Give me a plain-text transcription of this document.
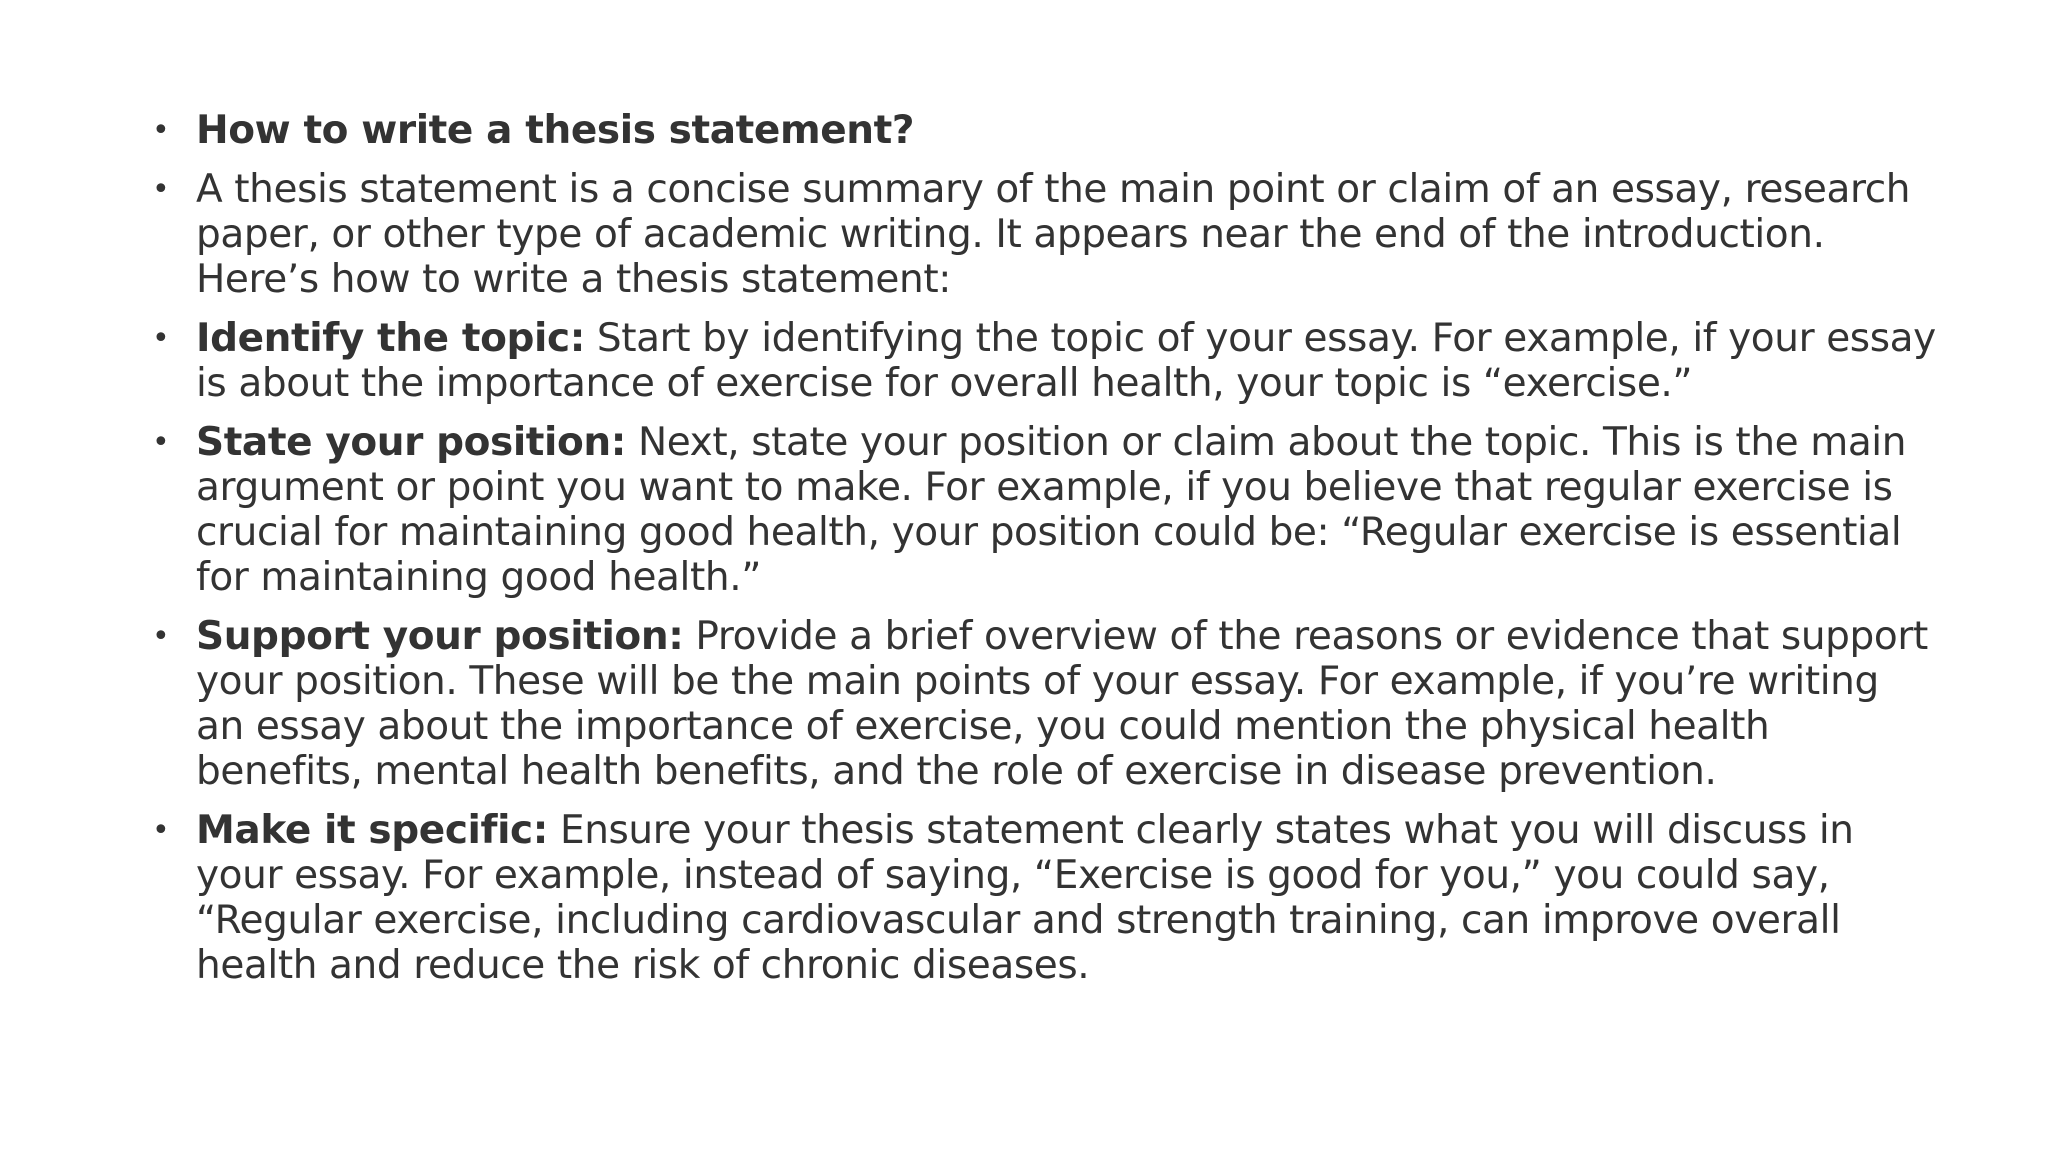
• How to write a thesis statement?
• A thesis statement is a concise summary of the main point or claim of an essay, research paper, or other type of academic writing. It appears near the end of the introduction. Here’s how to write a thesis statement:
• Identify the topic: Start by identifying the topic of your essay. For example, if your essay is about the importance of exercise for overall health, your topic is “exercise.”
• State your position: Next, state your position or claim about the topic. This is the main argument or point you want to make. For example, if you believe that regular exercise is crucial for maintaining good health, your position could be: “Regular exercise is essential for maintaining good health.”
• Support your position: Provide a brief overview of the reasons or evidence that support your position. These will be the main points of your essay. For example, if you’re writing an essay about the importance of exercise, you could mention the physical health benefits, mental health benefits, and the role of exercise in disease prevention.
• Make it specific: Ensure your thesis statement clearly states what you will discuss in your essay. For example, instead of saying, “Exercise is good for you,” you could say, “Regular exercise, including cardiovascular and strength training, can improve overall health and reduce the risk of chronic diseases.
